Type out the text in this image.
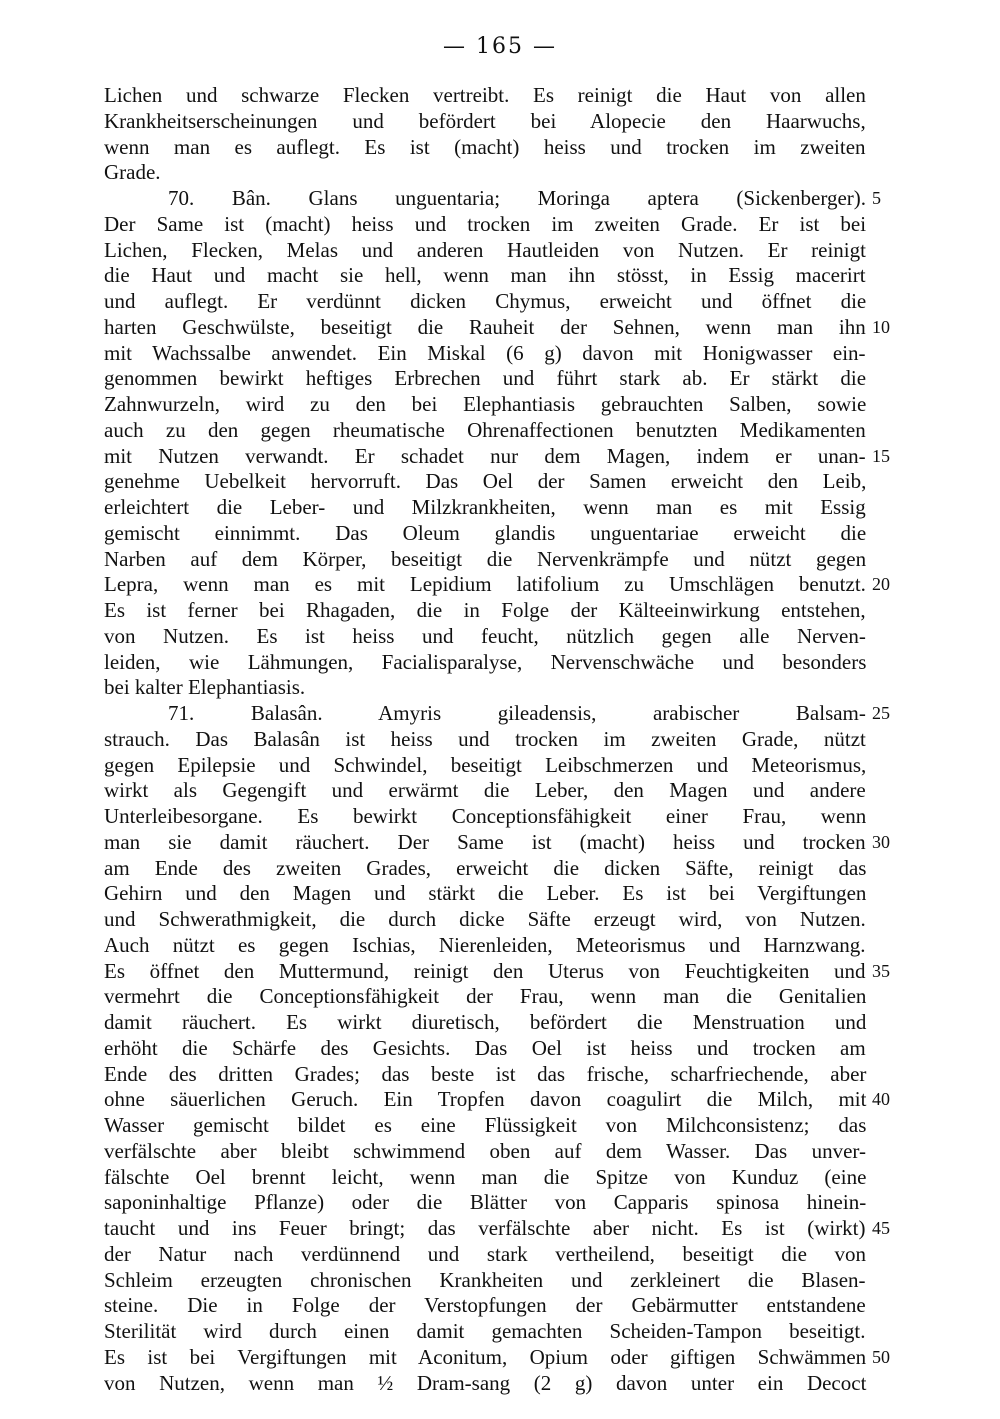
— 165 —
Lichen und schwarze Flecken vertreibt. Es reinigt die Haut von allen
Krankheitserscheinungen und befördert bei Alopecie den Haarwuchs,
wenn man es auflegt. Es ist (macht) heiss und trocken im zweiten
Grade.
70. Bân. Glans unguentaria; Moringa aptera (Sickenberger).
Der Same ist (macht) heiss und trocken im zweiten Grade. Er ist bei
Lichen, Flecken, Melas und anderen Hautleiden von Nutzen. Er reinigt
die Haut und macht sie hell, wenn man ihn stösst, in Essig macerirt
und auflegt. Er verdünnt dicken Chymus, erweicht und öffnet die
harten Geschwülste, beseitigt die Rauheit der Sehnen, wenn man ihn
mit Wachssalbe anwendet. Ein Miskal (6 g) davon mit Honigwasser ein-
genommen bewirkt heftiges Erbrechen und führt stark ab. Er stärkt die
Zahnwurzeln, wird zu den bei Elephantiasis gebrauchten Salben, sowie
auch zu den gegen rheumatische Ohrenaffectionen benutzten Medikamenten
mit Nutzen verwandt. Er schadet nur dem Magen, indem er unan-
genehme Uebelkeit hervorruft. Das Oel der Samen erweicht den Leib,
erleichtert die Leber- und Milzkrankheiten, wenn man es mit Essig
gemischt einnimmt. Das Oleum glandis unguentariae erweicht die
Narben auf dem Körper, beseitigt die Nervenkrämpfe und nützt gegen
Lepra, wenn man es mit Lepidium latifolium zu Umschlägen benutzt.
Es ist ferner bei Rhagaden, die in Folge der Kälteeinwirkung entstehen,
von Nutzen. Es ist heiss und feucht, nützlich gegen alle Nerven-
leiden, wie Lähmungen, Facialisparalyse, Nervenschwäche und besonders
bei kalter Elephantiasis.
71. Balasân. Amyris gileadensis, arabischer Balsam-
strauch. Das Balasân ist heiss und trocken im zweiten Grade, nützt
gegen Epilepsie und Schwindel, beseitigt Leibschmerzen und Meteorismus,
wirkt als Gegengift und erwärmt die Leber, den Magen und andere
Unterleibesorgane. Es bewirkt Conceptionsfähigkeit einer Frau, wenn
man sie damit räuchert. Der Same ist (macht) heiss und trocken
am Ende des zweiten Grades, erweicht die dicken Säfte, reinigt das
Gehirn und den Magen und stärkt die Leber. Es ist bei Vergiftungen
und Schwerathmigkeit, die durch dicke Säfte erzeugt wird, von Nutzen.
Auch nützt es gegen Ischias, Nierenleiden, Meteorismus und Harnzwang.
Es öffnet den Muttermund, reinigt den Uterus von Feuchtigkeiten und
vermehrt die Conceptionsfähigkeit der Frau, wenn man die Genitalien
damit räuchert. Es wirkt diuretisch, befördert die Menstruation und
erhöht die Schärfe des Gesichts. Das Oel ist heiss und trocken am
Ende des dritten Grades; das beste ist das frische, scharfriechende, aber
ohne säuerlichen Geruch. Ein Tropfen davon coagulirt die Milch, mit
Wasser gemischt bildet es eine Flüssigkeit von Milchconsistenz; das
verfälschte aber bleibt schwimmend oben auf dem Wasser. Das unver-
fälschte Oel brennt leicht, wenn man die Spitze von Kunduz (eine
saponinhaltige Pflanze) oder die Blätter von Capparis spinosa hinein-
taucht und ins Feuer bringt; das verfälschte aber nicht. Es ist (wirkt)
der Natur nach verdünnend und stark vertheilend, beseitigt die von
Schleim erzeugten chronischen Krankheiten und zerkleinert die Blasen-
steine. Die in Folge der Verstopfungen der Gebärmutter entstandene
Sterilität wird durch einen damit gemachten Scheiden-Tampon beseitigt.
Es ist bei Vergiftungen mit Aconitum, Opium oder giftigen Schwämmen
von Nutzen, wenn man ½ Dram-sang (2 g) davon unter ein Decoct
5
10
15
20
25
30
35
40
45
50
